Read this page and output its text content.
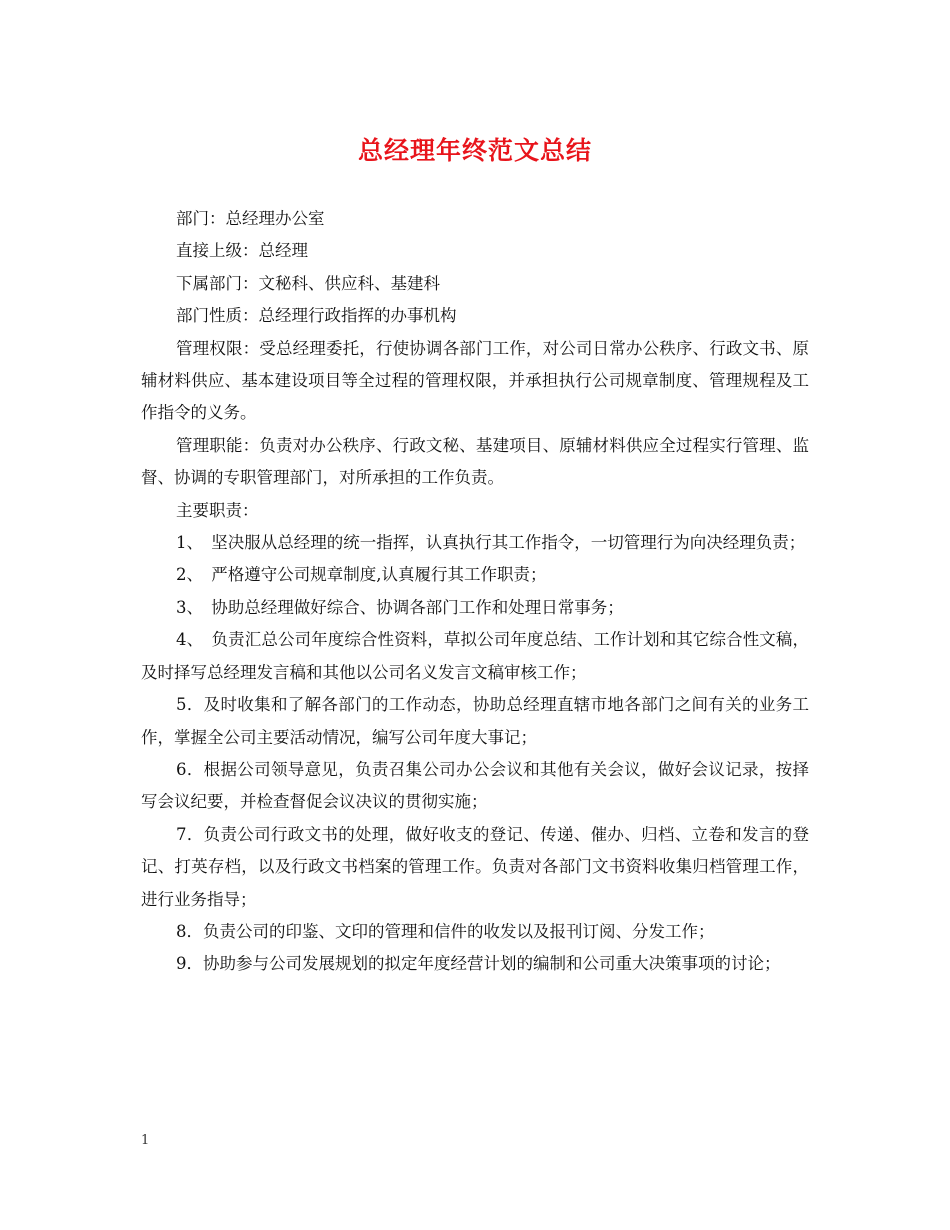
总经理年终范文总结

部门：总经理办公室

直接上级：总经理

下属部门：文秘科、供应科、基建科

部门性质：总经理行政指挥的办事机构

管理权限：受总经理委托，行使协调各部门工作，对公司日常办公秩序、行政文书、原辅材料供应、基本建设项目等全过程的管理权限，并承担执行公司规章制度、管理规程及工作指令的义务。

管理职能：负责对办公秩序、行政文秘、基建项目、原辅材料供应全过程实行管理、监督、协调的专职管理部门，对所承担的工作负责。

主要职责：

1、　坚决服从总经理的统一指挥，认真执行其工作指令，一切管理行为向决经理负责；

2、　严格遵守公司规章制度,认真履行其工作职责；

3、　协助总经理做好综合、协调各部门工作和处理日常事务；

4、　负责汇总公司年度综合性资料，草拟公司年度总结、工作计划和其它综合性文稿，及时择写总经理发言稿和其他以公司名义发言文稿审核工作；

5．及时收集和了解各部门的工作动态，协助总经理直辖市地各部门之间有关的业务工作，掌握全公司主要活动情况，编写公司年度大事记；

6．根据公司领导意见，负责召集公司办公会议和其他有关会议，做好会议记录，按择写会议纪要，并检查督促会议决议的贯彻实施；

7．负责公司行政文书的处理，做好收支的登记、传递、催办、归档、立卷和发言的登记、打英存档，以及行政文书档案的管理工作。负责对各部门文书资料收集归档管理工作，进行业务指导；

8．负责公司的印鉴、文印的管理和信件的收发以及报刊订阅、分发工作；

9．协助参与公司发展规划的拟定年度经营计划的编制和公司重大决策事项的讨论；

1
